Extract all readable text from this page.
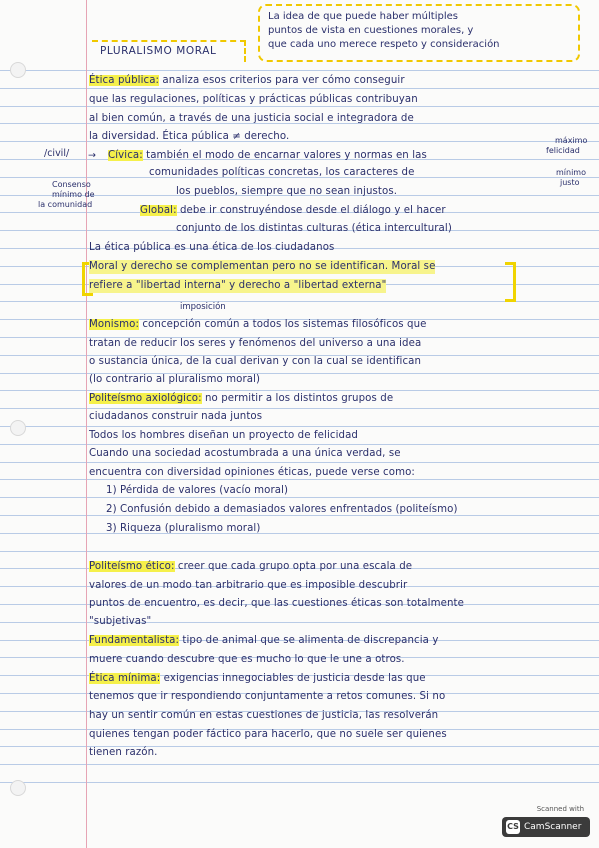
La idea de que puede haber múltiples
puntos de vista en cuestiones morales, y
que cada uno merece respeto y consideración
PLURALISMO MORAL
/civil/
Consenso
mínimo de
la comunidad
máximo
felicidad
mínimo
justo
imposición
Ética pública: analiza esos criterios para ver cómo conseguir
que las regulaciones, políticas y prácticas públicas contribuyan
al bien común, a través de una justicia social e integradora de
la diversidad. Ética pública ≠ derecho.
Cívica: también el modo de encarnar valores y normas en las
comunidades políticas concretas, los caracteres de
los pueblos, siempre que no sean injustos.
Global: debe ir construyéndose desde el diálogo y el hacer
conjunto de los distintas culturas (ética intercultural)
La ética pública es una ética de los ciudadanos
Moral y derecho se complementan pero no se identifican. Moral se
refiere a "libertad interna" y derecho a "libertad externa"
Monismo: concepción común a todos los sistemas filosóficos que
tratan de reducir los seres y fenómenos del universo a una idea
o sustancia única, de la cual derivan y con la cual se identifican
(lo contrario al pluralismo moral)
Politeísmo axiológico: no permitir a los distintos grupos de
ciudadanos construir nada juntos
Todos los hombres diseñan un proyecto de felicidad
Cuando una sociedad acostumbrada a una única verdad, se
encuentra con diversidad opiniones éticas, puede verse como:
1) Pérdida de valores (vacío moral)
2) Confusión debido a demasiados valores enfrentados (politeísmo)
3) Riqueza (pluralismo moral)
Politeísmo ético: creer que cada grupo opta por una escala de
valores de un modo tan arbitrario que es imposible descubrir
puntos de encuentro, es decir, que las cuestiones éticas son totalmente
"subjetivas"
Fundamentalista: tipo de animal que se alimenta de discrepancia y
muere cuando descubre que es mucho lo que le une a otros.
Ética mínima: exigencias innegociables de justicia desde las que
tenemos que ir respondiendo conjuntamente a retos comunes. Si no
hay un sentir común en estas cuestiones de justicia, las resolverán
quienes tengan poder fáctico para hacerlo, que no suele ser quienes
tienen razón.
→
Scanned with
CS CamScanner
